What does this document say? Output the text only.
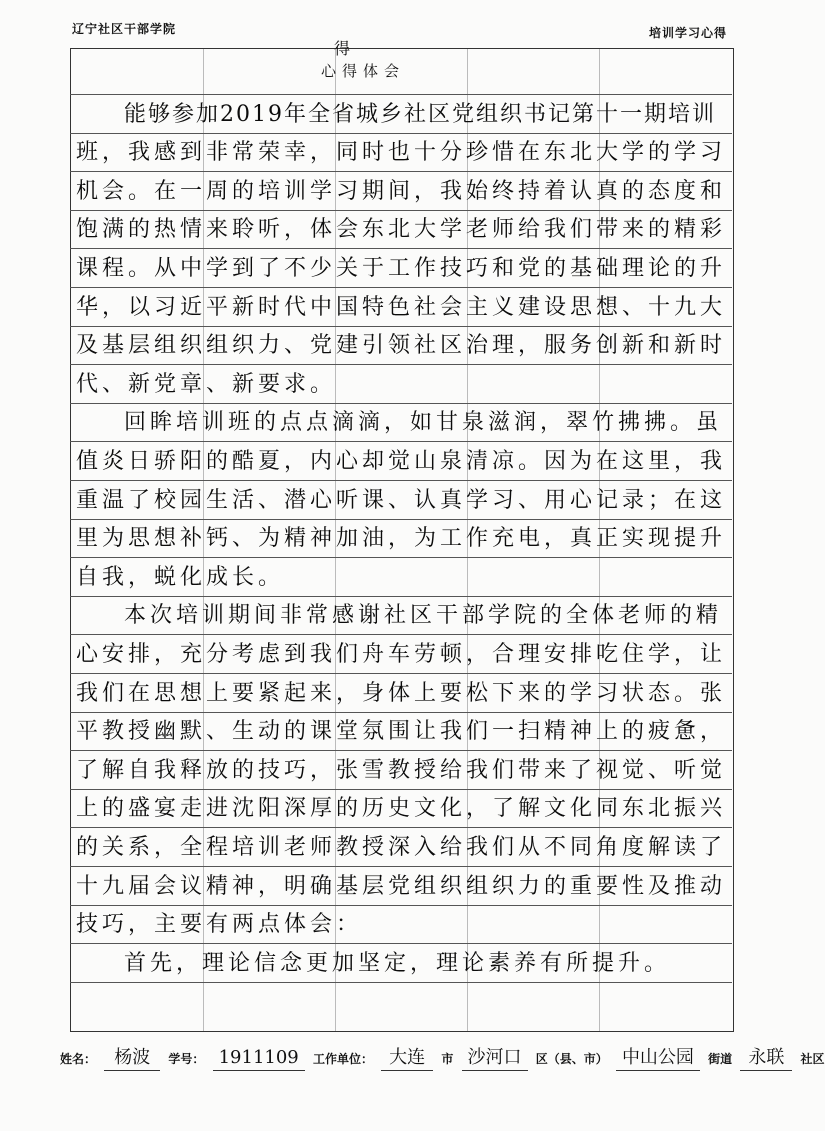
辽宁社区干部学院	培训学习心得
得
心得体会
能够参加2019年全省城乡社区党组织书记第十一期培训
班，我感到非常荣幸，同时也十分珍惜在东北大学的学习
机会。在一周的培训学习期间，我始终持着认真的态度和
饱满的热情来聆听，体会东北大学老师给我们带来的精彩
课程。从中学到了不少关于工作技巧和党的基础理论的升
华，以习近平新时代中国特色社会主义建设思想、十九大
及基层组织组织力、党建引领社区治理，服务创新和新时
代、新党章、新要求。
回眸培训班的点点滴滴，如甘泉滋润，翠竹拂拂。虽
值炎日骄阳的酷夏，内心却觉山泉清凉。因为在这里，我
重温了校园生活、潜心听课、认真学习、用心记录；在这
里为思想补钙、为精神加油，为工作充电，真正实现提升
自我，蜕化成长。
本次培训期间非常感谢社区干部学院的全体老师的精
心安排，充分考虑到我们舟车劳顿，合理安排吃住学，让
我们在思想上要紧起来，身体上要松下来的学习状态。张
平教授幽默、生动的课堂氛围让我们一扫精神上的疲惫，
了解自我释放的技巧，张雪教授给我们带来了视觉、听觉
上的盛宴走进沈阳深厚的历史文化，了解文化同东北振兴
的关系，全程培训老师教授深入给我们从不同角度解读了
十九届会议精神，明确基层党组织组织力的重要性及推动
技巧，主要有两点体会：
首先，理论信念更加坚定，理论素养有所提升。
姓名： 杨波 学号： 1911109 工作单位： 大连 市 沙河口 区（县、市） 中山公园 街道 永联 社区
